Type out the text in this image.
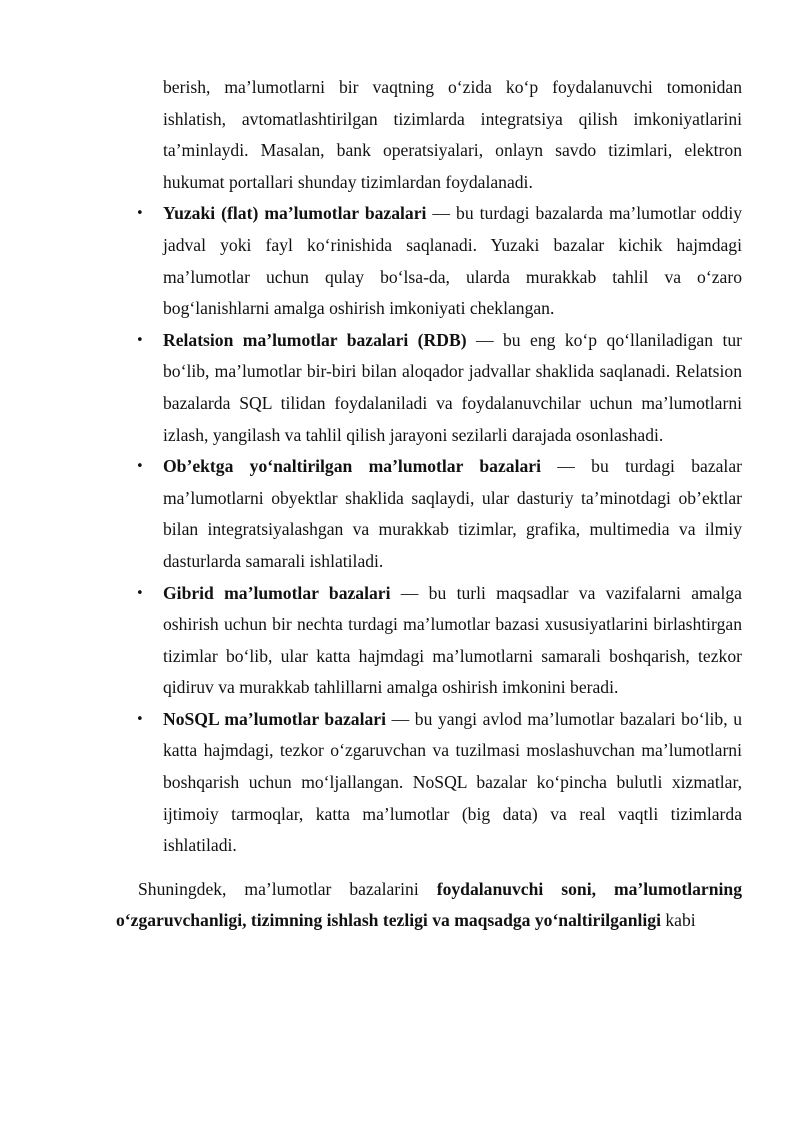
berish, ma’lumotlarni bir vaqtning o‘zida ko‘p foydalanuvchi tomonidan ishlatish, avtomatlashtirilgan tizimlarda integratsiya qilish imkoniyatlarini ta’minlaydi. Masalan, bank operatsiyalari, onlayn savdo tizimlari, elektron hukumat portallari shunday tizimlardan foydalanadi.

• Yuzaki (flat) ma’lumotlar bazalari — bu turdagi bazalarda ma’lumotlar oddiy jadval yoki fayl ko‘rinishida saqlanadi. Yuzaki bazalar kichik hajmdagi ma’lumotlar uchun qulay bo‘lsa-da, ularda murakkab tahlil va o‘zaro bog‘lanishlarni amalga oshirish imkoniyati cheklangan.
• Relatsion ma’lumotlar bazalari (RDB) — bu eng ko‘p qo‘llaniladigan tur bo‘lib, ma’lumotlar bir-biri bilan aloqador jadvallar shaklida saqlanadi. Relatsion bazalarda SQL tilidan foydalaniladi va foydalanuvchilar uchun ma’lumotlarni izlash, yangilash va tahlil qilish jarayoni sezilarli darajada osonlashadi.
• Ob’ektga yo‘naltirilgan ma’lumotlar bazalari — bu turdagi bazalar ma’lumotlarni obyektlar shaklida saqlaydi, ular dasturiy ta’minotdagi ob’ektlar bilan integratsiyalashgan va murakkab tizimlar, grafika, multimedia va ilmiy dasturlarda samarali ishlatiladi.
• Gibrid ma’lumotlar bazalari — bu turli maqsadlar va vazifalarni amalga oshirish uchun bir nechta turdagi ma’lumotlar bazasi xususiyatlarini birlashtirgan tizimlar bo‘lib, ular katta hajmdagi ma’lumotlarni samarali boshqarish, tezkor qidiruv va murakkab tahlillarni amalga oshirish imkonini beradi.
• NoSQL ma’lumotlar bazalari — bu yangi avlod ma’lumotlar bazalari bo‘lib, u katta hajmdagi, tezkor o‘zgaruvchan va tuzilmasi moslashuvchan ma’lumotlarni boshqarish uchun mo‘ljallangan. NoSQL bazalar ko‘pincha bulutli xizmatlar, ijtimoiy tarmoqlar, katta ma’lumotlar (big data) va real vaqtli tizimlarda ishlatiladi.

Shuningdek, ma’lumotlar bazalarini foydalanuvchi soni, ma’lumotlarning o‘zgaruvchanligi, tizimning ishlash tezligi va maqsadga yo‘naltirilganligi kabi
